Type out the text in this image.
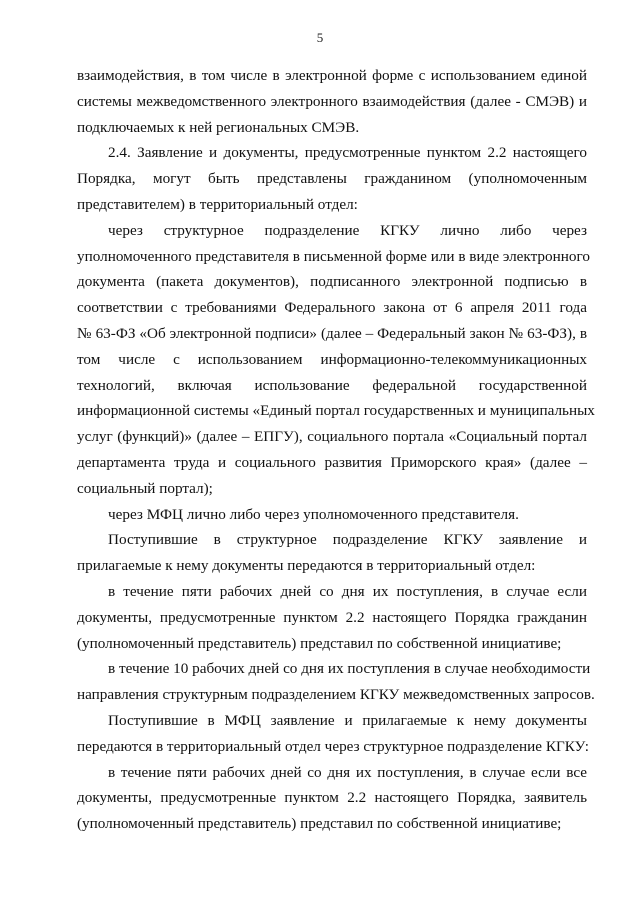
5

взаимодействия, в том числе в электронной форме с использованием единой
системы межведомственного электронного взаимодействия (далее - СМЭВ) и
подключаемых к ней региональных СМЭВ.

2.4. Заявление и документы, предусмотренные пунктом 2.2 настоящего
Порядка, могут быть представлены гражданином (уполномоченным
представителем) в территориальный отдел:

через структурное подразделение КГКУ лично либо через
уполномоченного представителя в письменной форме или в виде электронного
документа (пакета документов), подписанного электронной подписью в
соответствии с требованиями Федерального закона от 6 апреля 2011 года
№ 63-ФЗ «Об электронной подписи» (далее – Федеральный закон № 63-ФЗ), в
том числе с использованием информационно-телекоммуникационных
технологий, включая использование федеральной государственной
информационной системы «Единый портал государственных и муниципальных
услуг (функций)» (далее – ЕПГУ), социального портала «Социальный портал
департамента труда и социального развития Приморского края» (далее –
социальный портал);

через МФЦ лично либо через уполномоченного представителя.

Поступившие в структурное подразделение КГКУ заявление и
прилагаемые к нему документы передаются в территориальный отдел:

в течение пяти рабочих дней со дня их поступления, в случае если
документы, предусмотренные пунктом 2.2 настоящего Порядка гражданин
(уполномоченный представитель) представил по собственной инициативе;

в течение 10 рабочих дней со дня их поступления в случае необходимости
направления структурным подразделением КГКУ межведомственных запросов.

Поступившие в МФЦ заявление и прилагаемые к нему документы
передаются в территориальный отдел через структурное подразделение КГКУ:

в течение пяти рабочих дней со дня их поступления, в случае если все
документы, предусмотренные пунктом 2.2 настоящего Порядка, заявитель
(уполномоченный представитель) представил по собственной инициативе;
